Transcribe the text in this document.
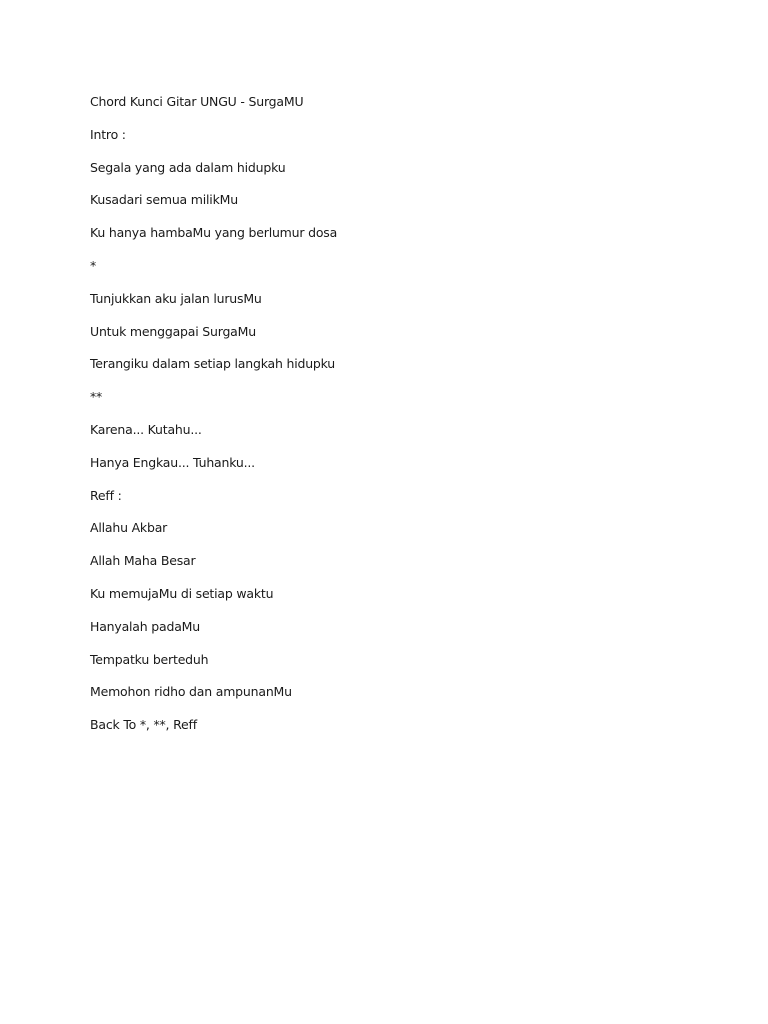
Chord Kunci Gitar UNGU - SurgaMU
Intro :
Segala yang ada dalam hidupku
Kusadari semua milikMu
Ku hanya hambaMu yang berlumur dosa
*
Tunjukkan aku jalan lurusMu
Untuk menggapai SurgaMu
Terangiku dalam setiap langkah hidupku
**
Karena... Kutahu...
Hanya Engkau... Tuhanku...
Reff :
Allahu Akbar
Allah Maha Besar
Ku memujaMu di setiap waktu
Hanyalah padaMu
Tempatku berteduh
Memohon ridho dan ampunanMu
Back To *, **, Reff
